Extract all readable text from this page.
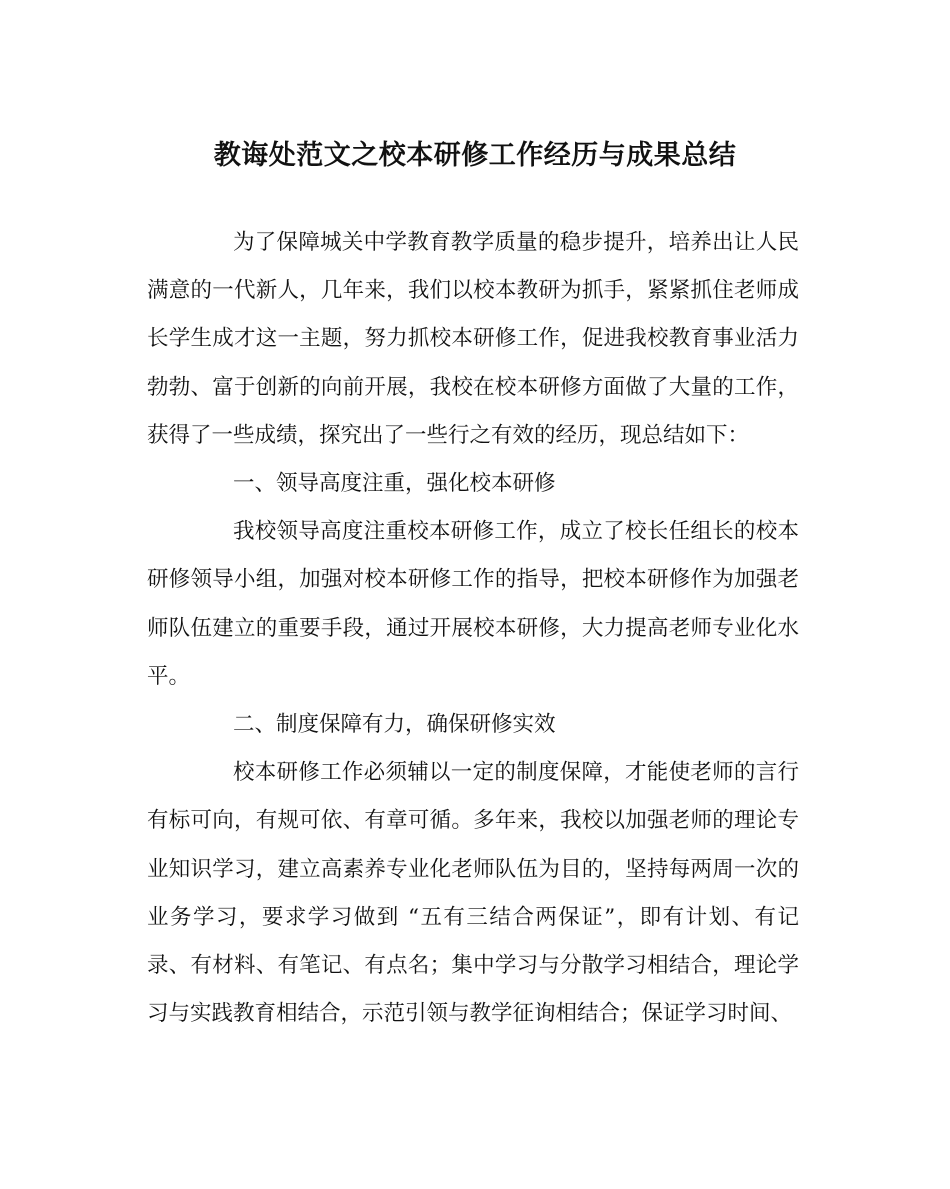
教诲处范文之校本研修工作经历与成果总结

为了保障城关中学教育教学质量的稳步提升，培养出让人民满意的一代新人，几年来，我们以校本教研为抓手，紧紧抓住老师成长学生成才这一主题，努力抓校本研修工作，促进我校教育事业活力勃勃、富于创新的向前开展，我校在校本研修方面做了大量的工作，获得了一些成绩，探究出了一些行之有效的经历，现总结如下：

一、领导高度注重，强化校本研修

我校领导高度注重校本研修工作，成立了校长任组长的校本研修领导小组，加强对校本研修工作的指导，把校本研修作为加强老师队伍建立的重要手段，通过开展校本研修，大力提高老师专业化水平。

二、制度保障有力，确保研修实效

校本研修工作必须辅以一定的制度保障，才能使老师的言行有标可向，有规可依、有章可循。多年来，我校以加强老师的理论专业知识学习，建立高素养专业化老师队伍为目的，坚持每两周一次的业务学习，要求学习做到 “五有三结合两保证”，即有计划、有记录、有材料、有笔记、有点名；集中学习与分散学习相结合，理论学习与实践教育相结合，示范引领与教学征询相结合；保证学习时间、
